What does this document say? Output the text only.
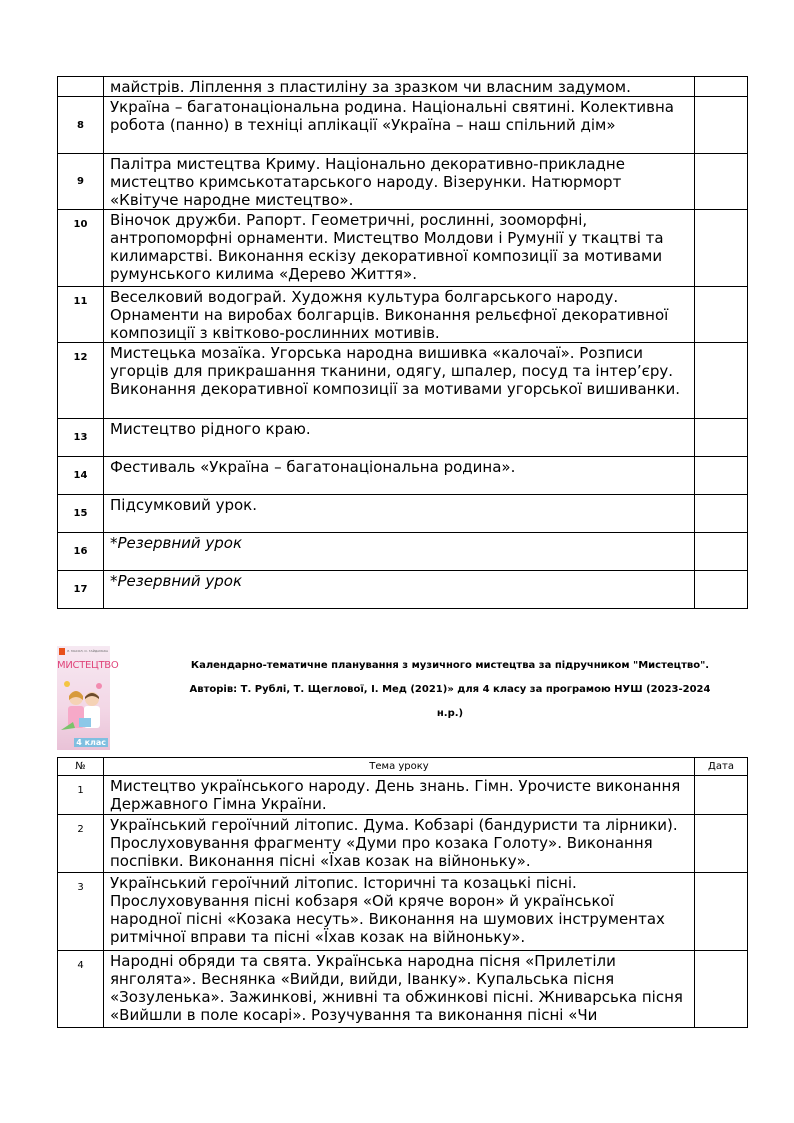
	майстрів. Ліплення з пластиліну за зразком чи власним задумом.	
8	Україна – багатонаціональна родина. Національні святині. Колективна робота (панно) в техніці аплікації «Україна – наш спільний дім»	
9	Палітра мистецтва Криму. Національно декоративно-прикладне мистецтво кримськотатарського народу. Візерунки. Натюрморт «Квітуче народне мистецтво».	
10	Віночок дружби. Рапорт. Геометричні, рослинні, зооморфні, антропоморфні орнаменти. Мистецтво Молдови і Румунії у ткацтві та килимарстві. Виконання ескізу декоративної композиції за мотивами румунського килима «Дерево Життя».	
11	Веселковий водограй. Художня культура болгарського народу. Орнаменти на виробах болгарців. Виконання рельєфної декоративної композиції з квітково-рослинних мотивів.	
12	Мистецька мозаїка. Угорська народна вишивка «калочаї». Розписи угорців для прикрашання тканини, одягу, шпалер, посуд та інтер’єру. Виконання декоративної композиції за мотивами угорської вишиванки.	
13	Мистецтво рідного краю.	
14	Фестиваль «Україна – багатонаціональна родина».	
15	Підсумковий урок.	
16	*Резервний урок	
17	*Резервний урок	
Л. МАСОЛ, О. ГАЙДАМАКА
МИСТЕЦТВО
4 клас
Календарно-тематичне планування з музичного мистецтва за підручником "Мистецтво".
Авторів: Т. Рублі, Т. Щеглової, І. Мед (2021)» для 4 класу за програмою НУШ (2023-2024
н.р.)
№	Тема уроку	Дата
1	Мистецтво українського народу. День знань. Гімн. Урочисте виконання Державного Гімна України.	
2	Український героїчний літопис. Дума. Кобзарі (бандуристи та лірники). Прослуховування фрагменту «Думи про козака Голоту». Виконання поспівки. Виконання пісні «Їхав козак на війноньку».	
3	Український героїчний літопис. Історичні та козацькі пісні. Прослуховування пісні кобзаря «Ой кряче ворон» й української народної пісні «Козака несуть». Виконання на шумових інструментах ритмічної вправи та пісні «Їхав козак на війноньку».	
4	Народні обряди та свята. Українська народна пісня «Прилетіли янголята». Веснянка «Вийди, вийди, Іванку». Купальська пісня «Зозуленька». Зажинкові, жнивні та обжинкові пісні. Жниварська пісня «Вийшли в поле косарі». Розучування та виконання пісні «Чи	
